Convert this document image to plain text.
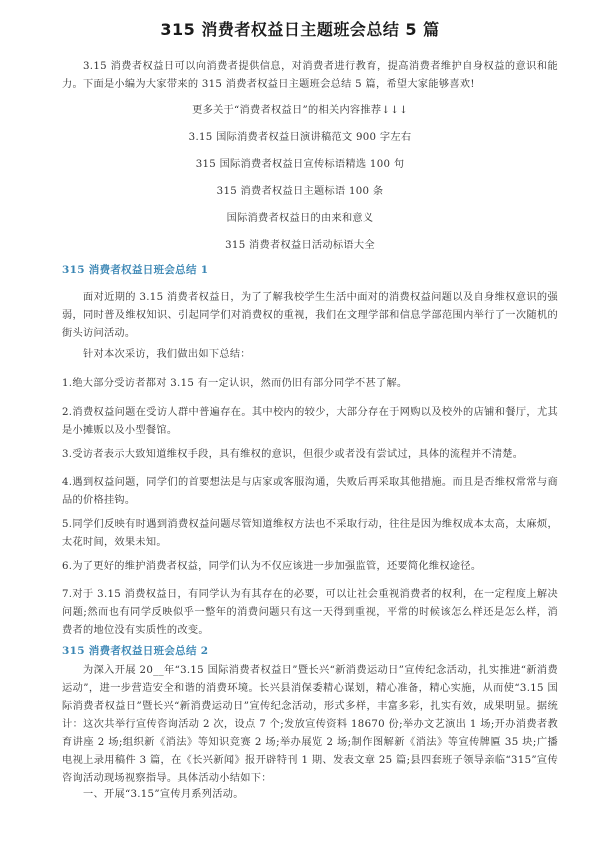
315 消费者权益日主题班会总结 5 篇
3.15 消费者权益日可以向消费者提供信息，对消费者进行教育，提高消费者维护自身权益的意识和能力。下面是小编为大家带来的 315 消费者权益日主题班会总结 5 篇，希望大家能够喜欢!
更多关于“消费者权益日”的相关内容推荐↓↓↓
3.15 国际消费者权益日演讲稿范文 900 字左右
315 国际消费者权益日宣传标语精选 100 句
315 消费者权益日主题标语 100 条
国际消费者权益日的由来和意义
315 消费者权益日活动标语大全
315 消费者权益日班会总结 1
面对近期的 3.15 消费者权益日，为了了解我校学生生活中面对的消费权益问题以及自身维权意识的强弱，同时普及维权知识、引起同学们对消费权的重视，我们在文理学部和信息学部范围内举行了一次随机的街头访问活动。
针对本次采访，我们做出如下总结：
1.绝大部分受访者都对 3.15 有一定认识，然而仍旧有部分同学不甚了解。
2.消费权益问题在受访人群中普遍存在。其中校内的较少，大部分存在于网购以及校外的店铺和餐厅，尤其是小摊贩以及小型餐馆。
3.受访者表示大致知道维权手段，具有维权的意识，但很少或者没有尝试过，具体的流程并不清楚。
4.遇到权益问题，同学们的首要想法是与店家或客服沟通，失败后再采取其他措施。而且是否维权常常与商品的价格挂钩。
5.同学们反映有时遇到消费权益问题尽管知道维权方法也不采取行动，往往是因为维权成本太高，太麻烦，太花时间，效果未知。
6.为了更好的维护消费者权益，同学们认为不仅应该进一步加强监管，还要简化维权途径。
7.对于 3.15 消费权益日，有同学认为有其存在的必要，可以让社会重视消费者的权利，在一定程度上解决问题;然而也有同学反映似乎一整年的消费问题只有这一天得到重视，平常的时候该怎么样还是怎么样，消费者的地位没有实质性的改变。
315 消费者权益日班会总结 2
为深入开展 20__年“3.15 国际消费者权益日”暨长兴“新消费运动日”宣传纪念活动，扎实推进“新消费运动”，进一步营造安全和谐的消费环境。长兴县消保委精心谋划，精心准备，精心实施，从而使“3.15 国际消费者权益日”暨长兴“新消费运动日”宣传纪念活动，形式多样，丰富多彩，扎实有效，成果明显。据统计：这次共举行宣传咨询活动 2 次，设点 7 个;发放宣传资料 18670 份;举办文艺演出 1 场;开办消费者教育讲座 2 场;组织新《消法》等知识竞赛 2 场;举办展览 2 场;制作图解新《消法》等宣传牌匾 35 块;广播电视上录用稿件 3 篇，在《长兴新闻》报开辟特刊 1 期、发表文章 25 篇;县四套班子领导亲临“315”宣传咨询活动现场视察指导。具体活动小结如下：
一、开展“3.15”宣传月系列活动。
